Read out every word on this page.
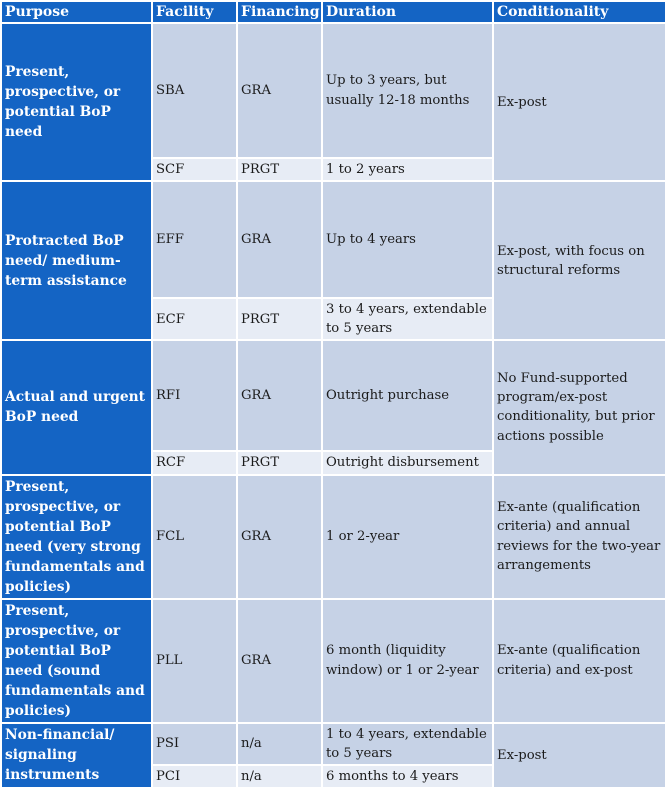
Purpose	Facility	Financing	Duration	Conditionality
Present, prospective, or potential BoP need	SBA	GRA	Up to 3 years, but usually 12-18 months	Ex-post
	SCF	PRGT	1 to 2 years	
Protracted BoP need/ medium-term assistance	EFF	GRA	Up to 4 years	Ex-post, with focus on structural reforms
	ECF	PRGT	3 to 4 years, extendable to 5 years	
Actual and urgent BoP need	RFI	GRA	Outright purchase	No Fund-supported program/ex-post conditionality, but prior actions possible
	RCF	PRGT	Outright disbursement	
Present, prospective, or potential BoP need (very strong fundamentals and policies)	FCL	GRA	1 or 2-year	Ex-ante (qualification criteria) and annual reviews for the two-year arrangements
Present, prospective, or potential BoP need (sound fundamentals and policies)	PLL	GRA	6 month (liquidity window) or 1 or 2-year	Ex-ante (qualification criteria) and ex-post
Non-financial/ signaling instruments	PSI	n/a	1 to 4 years, extendable to 5 years	Ex-post
	PCI	n/a	6 months to 4 years	
